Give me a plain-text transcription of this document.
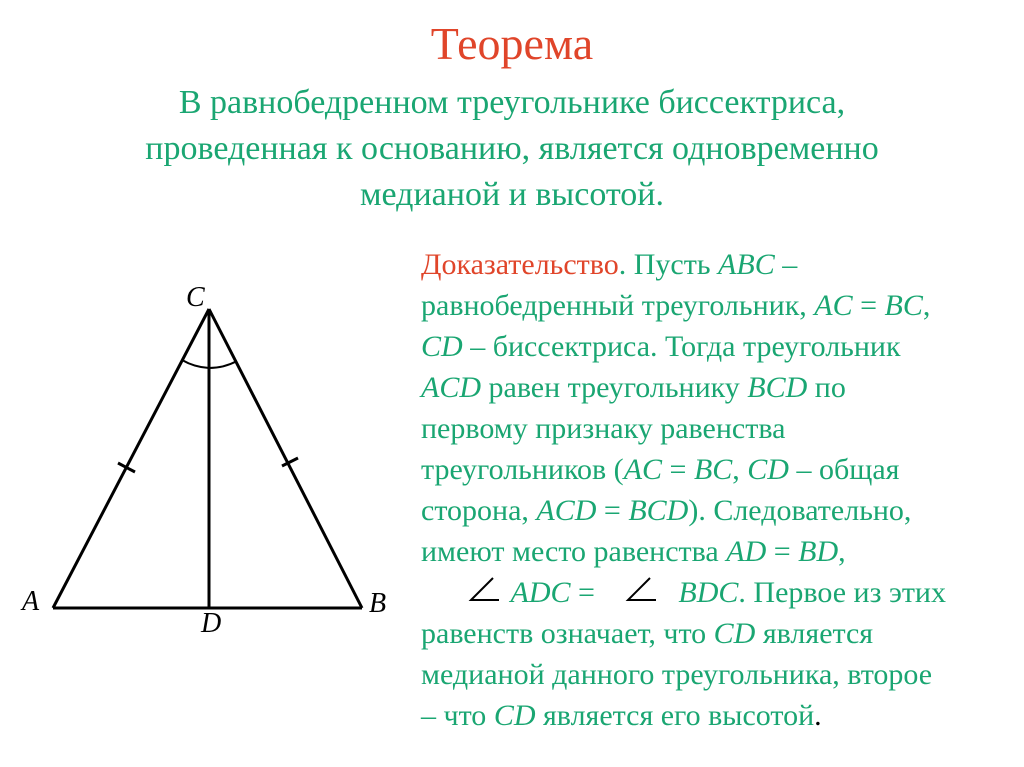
Теорема
В равнобедренном треугольнике биссектриса,
проведенная к основанию, является одновременно
медианой и высотой.
C
A	B
D
Доказательство. Пусть ABC –
равнобедренный треугольник, AC = BC,
CD – биссектриса. Тогда треугольник
ACD равен треугольнику BCD по
первому признаку равенства
треугольников (AC = BC, CD – общая
сторона, ACD = BCD). Следовательно,
имеют место равенства AD = BD,
ADC =	BDC. Первое из этих
равенств означает, что CD является
медианой данного треугольника, второе
– что CD является его высотой.
